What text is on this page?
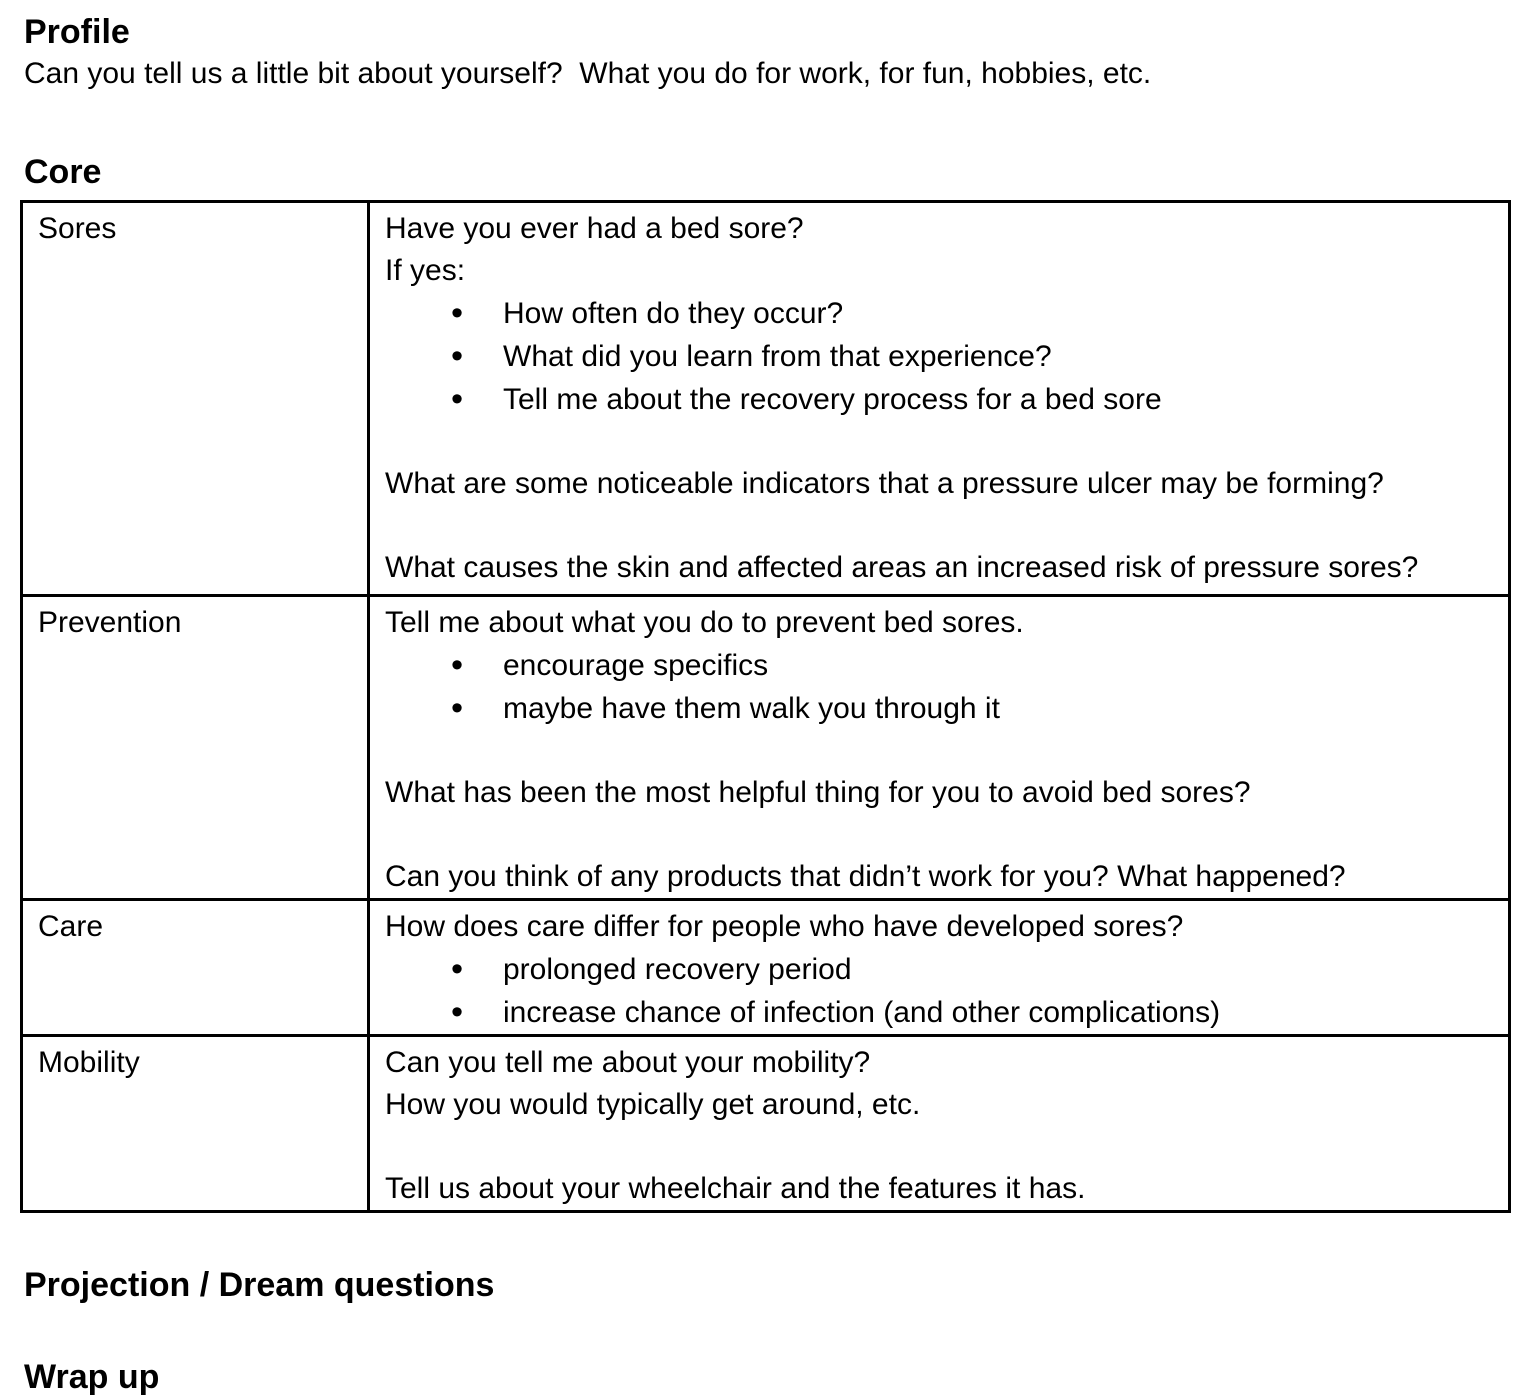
Profile

Can you tell us a little bit about yourself?  What you do for work, for fun, hobbies, etc.

Core
Sores	Have you ever had a bed sore?
If yes:
• How often do they occur?
• What did you learn from that experience?
• Tell me about the recovery process for a bed sore

What are some noticeable indicators that a pressure ulcer may be forming?

What causes the skin and affected areas an increased risk of pressure sores?

Prevention	Tell me about what you do to prevent bed sores.
• encourage specifics
• maybe have them walk you through it

What has been the most helpful thing for you to avoid bed sores?

Can you think of any products that didn’t work for you? What happened?

Care	How does care differ for people who have developed sores?
• prolonged recovery period
• increase chance of infection (and other complications)

Mobility	Can you tell me about your mobility?
How you would typically get around, etc.

Tell us about your wheelchair and the features it has.
Projection / Dream questions
Wrap up
